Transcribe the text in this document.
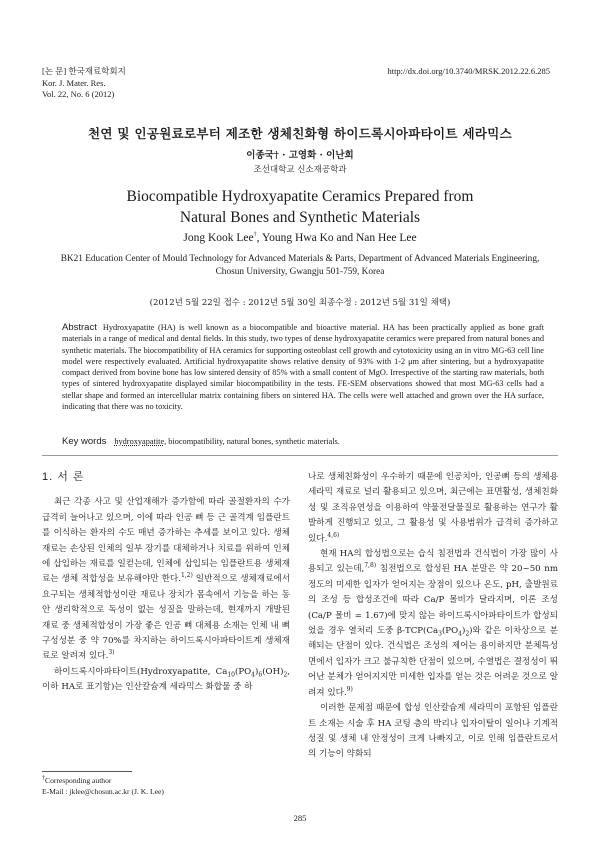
[논 문] 한국재료학회지
Kor. J. Mater. Res.
Vol. 22, No. 6 (2012)
http://dx.doi.org/10.3740/MRSK.2012.22.6.285
천연 및 인공원료로부터 제조한 생체친화형 하이드록시아파타이트 세라믹스
이종국† · 고영화 · 이난희
조선대학교 신소재공학과
Biocompatible Hydroxyapatite Ceramics Prepared from
Natural Bones and Synthetic Materials
Jong Kook Lee†, Young Hwa Ko and Nan Hee Lee
BK21 Education Center of Mould Technology for Advanced Materials & Parts, Department of Advanced Materials Engineering, Chosun University, Gwangju 501-759, Korea
(2012년 5월 22일 접수 : 2012년 5월 30일 최종수정 : 2012년 5월 31일 채택)
Abstract Hydroxyapatite (HA) is well known as a biocompatible and bioactive material. HA has been practically applied as bone graft materials in a range of medical and dental fields. In this study, two types of dense hydroxyapatite ceramics were prepared from natural bones and synthetic materials. The biocompatibility of HA ceramics for supporting osteoblast cell growth and cytotoxicity using an in vitro MG-63 cell line model were respectively evaluated. Artificial hydroxyapatite shows relative density of 93% with 1-2 μm after sintering, but a hydroxyapatite compact derived from bovine bone has low sintered density of 85% with a small content of MgO. Irrespective of the starting raw materials, both types of sintered hydroxyapatite displayed similar biocompatibility in the tests. FE-SEM observations showed that most MG-63 cells had a stellar shape and formed an intercellular matrix containing fibers on sintered HA. The cells were well attached and grown over the HA surface, indicating that there was no toxicity.
Key words hydroxyapatite, biocompatibility, natural bones, synthetic materials.
1. 서 론

최근 각종 사고 및 산업재해가 증가함에 따라 골절환자의 수가 급격히 늘어나고 있으며, 이에 따라 인공 뼈 등 근 골격계 임플란트를 이식하는 환자의 수도 매년 증가하는 추세를 보이고 있다. 생체재료는 손상된 인체의 일부 장기를 대체하거나 치료를 위하여 인체에 삽입하는 재료를 일컫는데, 인체에 삽입되는 임플란트용 생체재료는 생체 적합성을 보유해야만 한다.$^{1,2)}$ 일반적으로 생체재료에서 요구되는 생체적합성이란 재료나 장치가 몸속에서 기능을 하는 동안 생리학적으로 독성이 없는 성질을 말하는데, 현재까지 개발된 재료 중 생체적합성이 가장 좋은 인공 뼈 대체용 소재는 인체 내 뼈 구성성분 중 약 70%를 차지하는 하이드록시아파타이트계 생체재료로 알려져 있다.$^{3)}$

하이드록시아파타이트(Hydroxyapatite, $Ca_{10}(PO_4)_6(OH)_2$, 이하 HA로 표기함)는 인산칼슘계 세라믹스 화합물 중 하

나로 생체친화성이 우수하기 때문에 인공치아, 인공뼈 등의 생체용 세라믹 재료로 널리 활용되고 있으며, 최근에는 표면활성, 생체친화성 및 조직유연성을 이용하여 약물전달물질로 활용하는 연구가 활발하게 진행되고 있고, 그 활용성 및 사용범위가 급격히 증가하고 있다.$^{4,6)}$

현재 HA의 합성법으로는 습식 침전법과 건식법이 가장 많이 사용되고 있는데,$^{7,8)}$ 침전법으로 합성된 HA 분말은 약 20~50 nm 정도의 미세한 입자가 얻어지는 장점이 있으나 온도, pH, 출발원료의 조성 등 합성조건에 따라 Ca/P 몰비가 달라지며, 이론 조성(Ca/P 몰비 = 1.67)에 맞지 않는 하이드록시아파타이트가 합성되었을 경우 열처리 도중 $\beta-TCP(Ca_3(PO_4)_2)$와 같은 이차상으로 분해되는 단점이 있다. 건식법은 조성의 제어는 용이하지만 분체특성 면에서 입자가 크고 불규칙한 단점이 있으며, 수열법은 결정성이 뛰어난 분체가 얻어지지만 미세한 입자를 얻는 것은 어려운 것으로 알려져 있다.$^{9)}$

이러한 문제점 때문에 합성 인산칼슘계 세라믹이 포함된 임플란트 소재는 시술 후 HA 코팅 층의 박리나 입자이탈이 일어나 기계적 성질 및 생체 내 안정성이 크게 나빠지고, 이로 인해 임플란트로서의 기능이 약화되

†Corresponding author
E-Mail : jklee@chosun.ac.kr (J. K. Lee)
285
